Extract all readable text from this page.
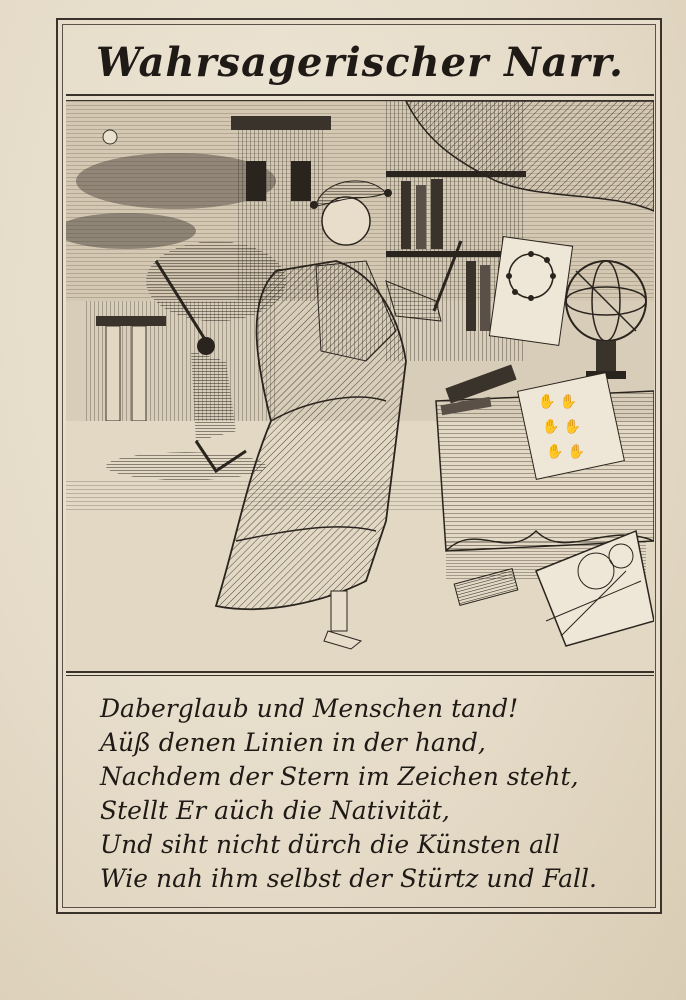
Wahrsagerischer Narr.
✋ ✋
✋ ✋
✋ ✋
Daberglaub und Menschen tand!
Aüß denen Linien in der hand,
Nachdem der Stern im Zeichen steht,
Stellt Er aüch die Nativität,
Und siht nicht dürch die Künsten all
Wie nah ihm selbst der Stürtz und Fall.
